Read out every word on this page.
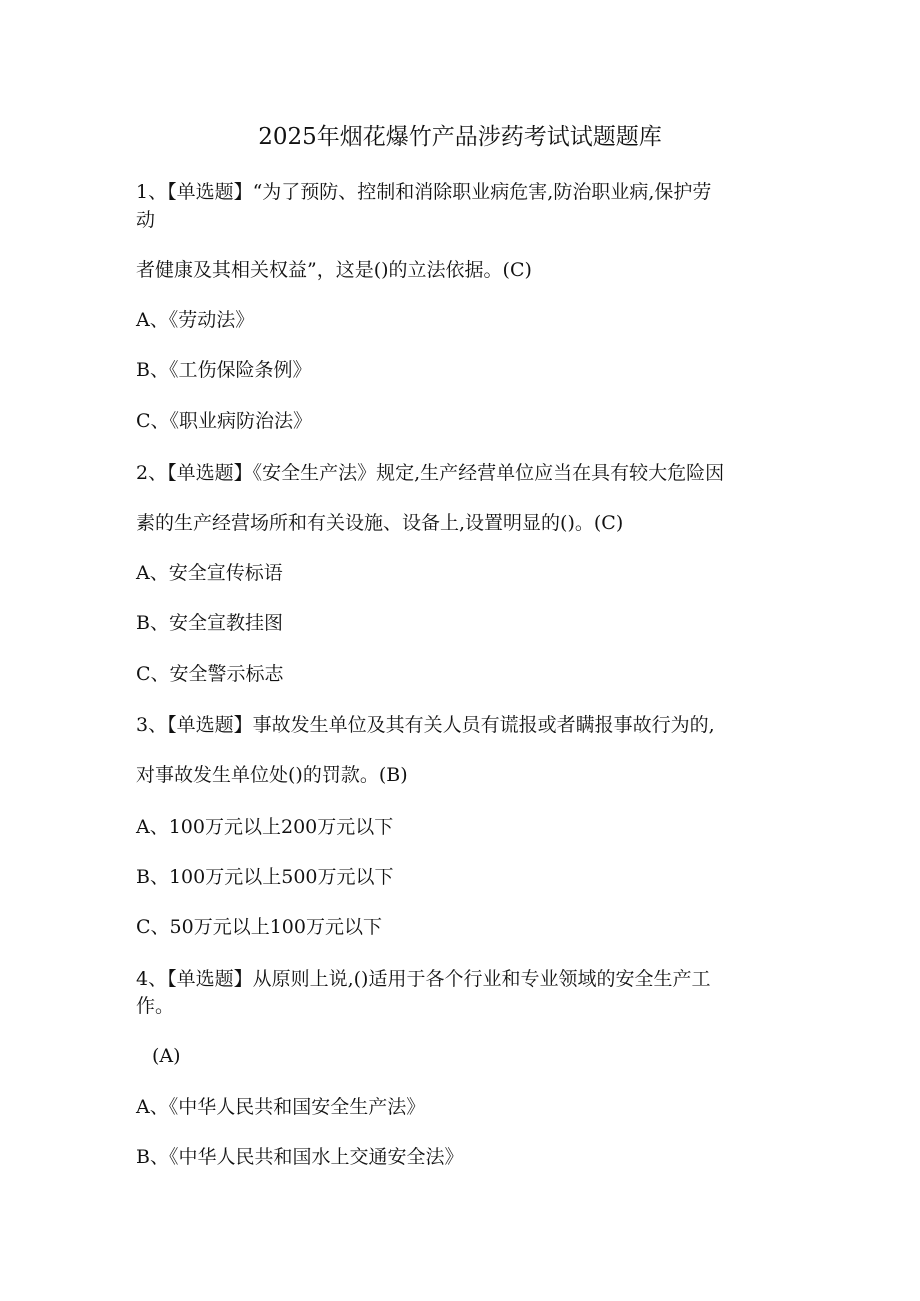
2025年烟花爆竹产品涉药考试试题题库
1、【单选题】“为了预防、控制和消除职业病危害,防治职业病,保护劳
动
者健康及其相关权益”，这是()的立法依据。(C)
A、《劳动法》
B、《工伤保险条例》
C、《职业病防治法》
2、【单选题】《安全生产法》规定,生产经营单位应当在具有较大危险因
素的生产经营场所和有关设施、设备上,设置明显的()。(C)
A、安全宣传标语
B、安全宣教挂图
C、安全警示标志
3、【单选题】事故发生单位及其有关人员有谎报或者瞒报事故行为的,
对事故发生单位处()的罚款。(B)
A、100万元以上200万元以下
B、100万元以上500万元以下
C、50万元以上100万元以下
4、【单选题】从原则上说,()适用于各个行业和专业领域的安全生产工
作。
(A)
A、《中华人民共和国安全生产法》
B、《中华人民共和国水上交通安全法》
